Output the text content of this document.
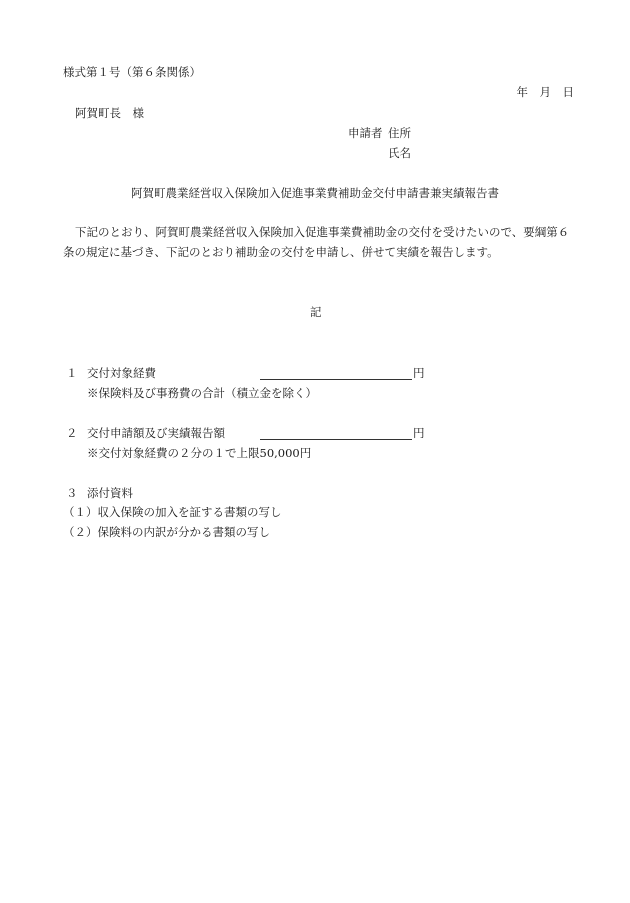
様式第１号（第６条関係）
年　月　日
阿賀町長　様
申請者 住所
氏名
阿賀町農業経営収入保険加入促進事業費補助金交付申請書兼実績報告書
下記のとおり、阿賀町農業経営収入保険加入促進事業費補助金の交付を受けたいので、要綱第６
条の規定に基づき、下記のとおり補助金の交付を申請し、併せて実績を報告します。
記
１ 交付対象経費	円
※保険料及び事務費の合計（積立金を除く）
２ 交付申請額及び実績報告額	円
※交付対象経費の２分の１で上限50,000円
３ 添付資料
（１）収入保険の加入を証する書類の写し
（２）保険料の内訳が分かる書類の写し
